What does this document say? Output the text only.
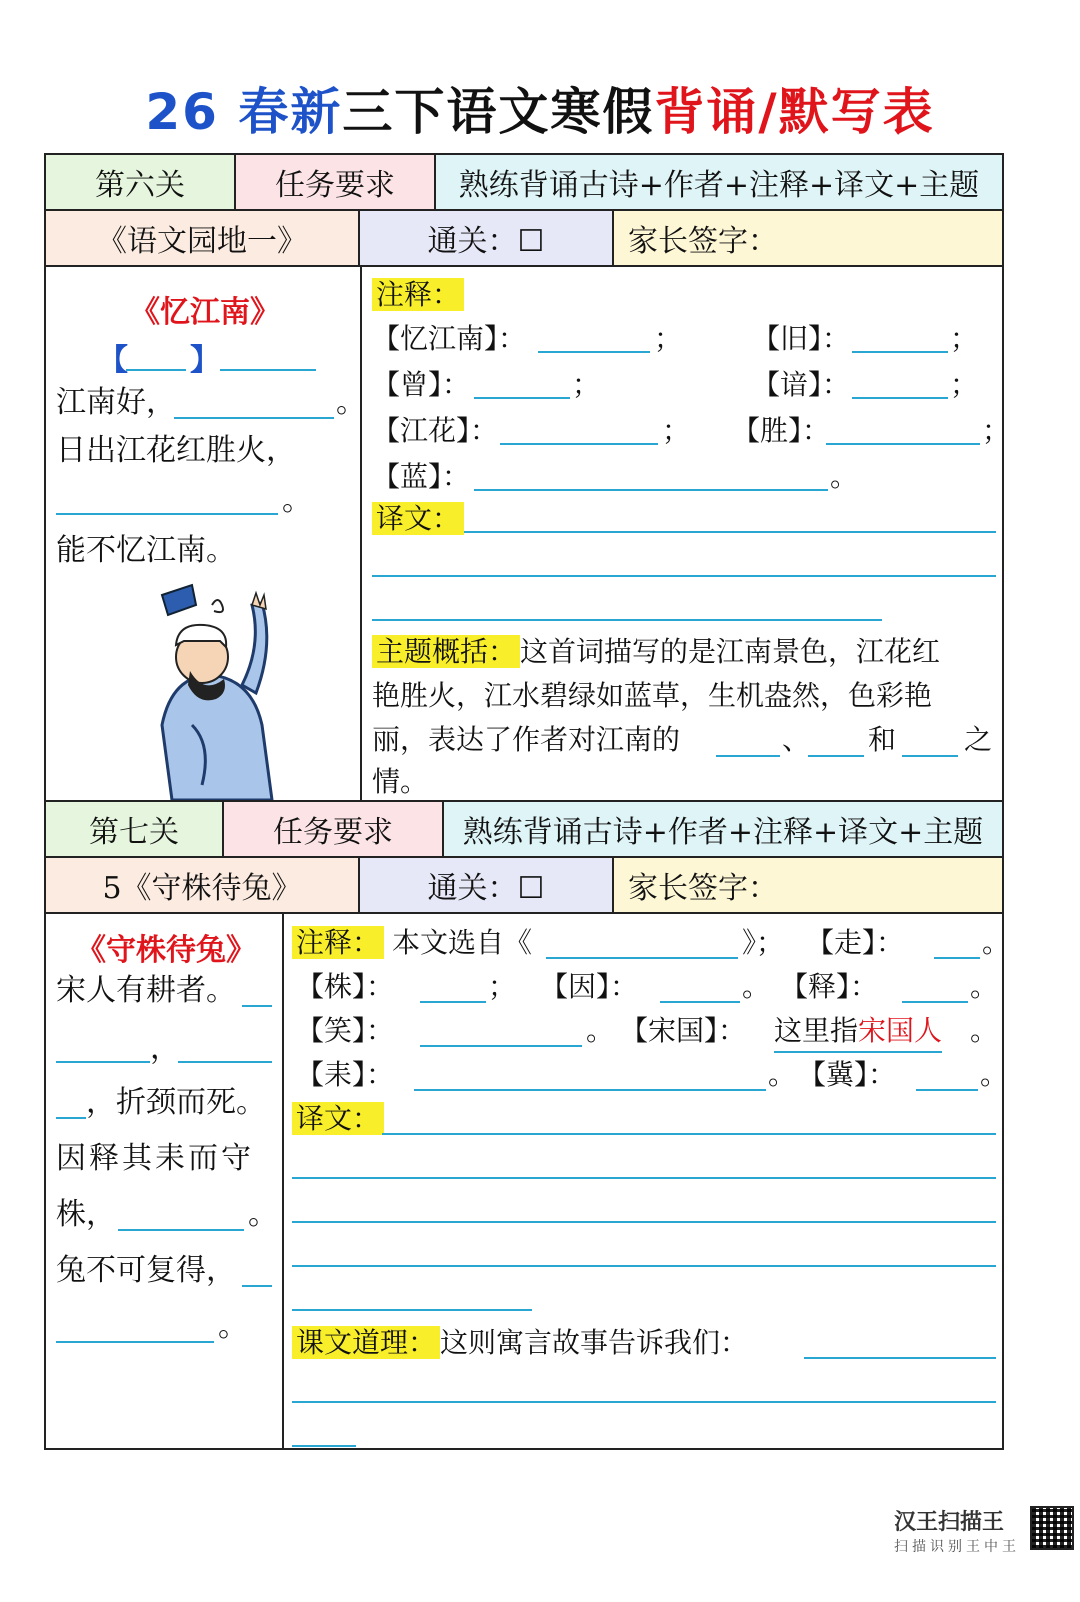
26 春新三下语文寒假背诵/默写表
第六关	任务要求	熟练背诵古诗+作者+注释+译文+主题
《语文园地一》	通关：☐	家长签字：
《忆江南》
【 】
江南好，	。
日出江花红胜火，
。
能不忆江南。
注释：
【忆江南】：	； 【旧】：	；
【曾】：	；	【谙】：	；
【江花】：	； 【胜】：	；
【蓝】：	。
译文：
主题概括： 这首词描写的是江南景色，江花红
艳胜火，江水碧绿如蓝草，生机盎然，色彩艳
丽，表达了作者对江南的	、 和 之
情。
第七关	任务要求	熟练背诵古诗+作者+注释+译文+主题
5《守株待兔》	通关：☐	家长签字：
《守株待兔》
宋人有耕者。
，
，折颈而死。
因释其耒而守
株，	。
兔不可复得，
。
注释： 本文选自《	》； 【走】：	。
【株】：	； 【因】：	。 【释】：	。
【笑】：	。 【宋国】： 这里指宋国人 。
【耒】：	。 【冀】：	。
译文：
课文道理： 这则寓言故事告诉我们：
汉王扫描王
扫描识别王中王
